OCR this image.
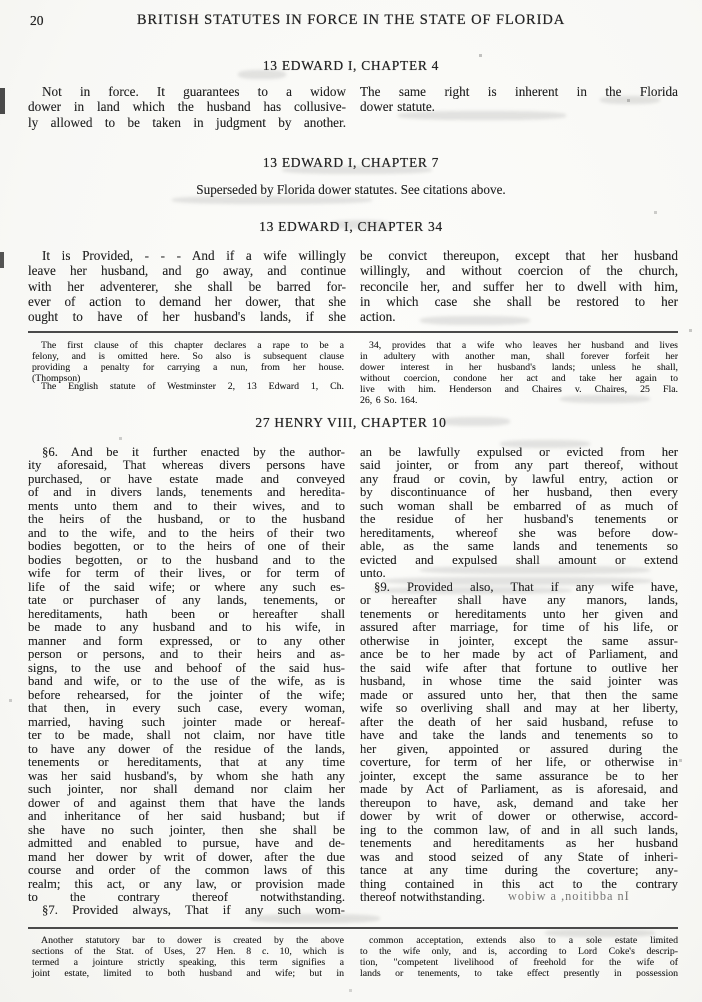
20	BRITISH STATUTES IN FORCE IN THE STATE OF FLORIDA
13 EDWARD I, CHAPTER 4
Not in force. It guarantees to a widow
dower in land which the husband has collusive-
ly allowed to be taken in judgment by another.
The same right is inherent in the Florida
dower statute.
13 EDWARD I, CHAPTER 7
Superseded by Florida dower statutes. See citations above.
13 EDWARD I, CHAPTER 34
It is Provided, - - - And if a wife willingly
leave her husband, and go away, and continue
with her adventerer, she shall be barred for-
ever of action to demand her dower, that she
ought to have of her husband's lands, if she
be convict thereupon, except that her husband
willingly, and without coercion of the church,
reconcile her, and suffer her to dwell with him,
in which case she shall be restored to her
action.
The first clause of this chapter declares a rape to be a
felony, and is omitted here. So also is subsequent clause
providing a penalty for carrying a nun, from her house.
(Thompson)
The English statute of Westminster 2, 13 Edward 1, Ch.
34, provides that a wife who leaves her husband and lives
in adultery with another man, shall forever forfeit her
dower interest in her husband's lands; unless he shall,
without coercion, condone her act and take her again to
live with him. Henderson and Chaires v. Chaires, 25 Fla.
26, 6 So. 164.
27 HENRY VIII, CHAPTER 10
§6. And be it further enacted by the author-
ity aforesaid, That whereas divers persons have
purchased, or have estate made and conveyed
of and in divers lands, tenements and heredita-
ments unto them and to their wives, and to
the heirs of the husband, or to the husband
and to the wife, and to the heirs of their two
bodies begotten, or to the heirs of one of their
bodies begotten, or to the husband and to the
wife for term of their lives, or for term of
life of the said wife; or where any such es-
tate or purchaser of any lands, tenements, or
hereditaments, hath been or hereafter shall
be made to any husband and to his wife, in
manner and form expressed, or to any other
person or persons, and to their heirs and as-
signs, to the use and behoof of the said hus-
band and wife, or to the use of the wife, as is
before rehearsed, for the jointer of the wife;
that then, in every such case, every woman,
married, having such jointer made or hereaf-
ter to be made, shall not claim, nor have title
to have any dower of the residue of the lands,
tenements or hereditaments, that at any time
was her said husband's, by whom she hath any
such jointer, nor shall demand nor claim her
dower of and against them that have the lands
and inheritance of her said husband; but if
she have no such jointer, then she shall be
admitted and enabled to pursue, have and de-
mand her dower by writ of dower, after the due
course and order of the common laws of this
realm; this act, or any law, or provision made
to the contrary thereof notwithstanding.
§7. Provided always, That if any such wom-
an be lawfully expulsed or evicted from her
said jointer, or from any part thereof, without
any fraud or covin, by lawful entry, action or
by discontinuance of her husband, then every
such woman shall be embarred of as much of
the residue of her husband's tenements or
hereditaments, whereof she was before dow-
able, as the same lands and tenements so
evicted and expulsed shall amount or extend
unto.
§9. Provided also, That if any wife have,
or hereafter shall have any manors, lands,
tenements or hereditaments unto her given and
assured after marriage, for time of his life, or
otherwise in jointer, except the same assur-
ance be to her made by act of Parliament, and
the said wife after that fortune to outlive her
husband, in whose time the said jointer was
made or assured unto her, that then the same
wife so overliving shall and may at her liberty,
after the death of her said husband, refuse to
have and take the lands and tenements so to
her given, appointed or assured during the
coverture, for term of her life, or otherwise in
jointer, except the same assurance be to her
made by Act of Parliament, as is aforesaid, and
thereupon to have, ask, demand and take her
dower by writ of dower or otherwise, accord-
ing to the common law, of and in all such lands,
tenements and hereditaments as her husband
was and stood seized of any State of inheri-
tance at any time during the coverture; any-
thing contained in this act to the contrary
thereof notwithstanding.	wobiw a ,noitibba nI
Another statutory bar to dower is created by the above
sections of the Stat. of Uses, 27 Hen. 8 c. 10, which is
termed a jointure strictly speaking, this term signifies a
joint estate, limited to both husband and wife; but in
common acceptation, extends also to a sole estate limited
to the wife only, and is, according to Lord Coke's descrip-
tion, "competent livelihood of freehold for the wife of
lands or tenements, to take effect presently in possession
